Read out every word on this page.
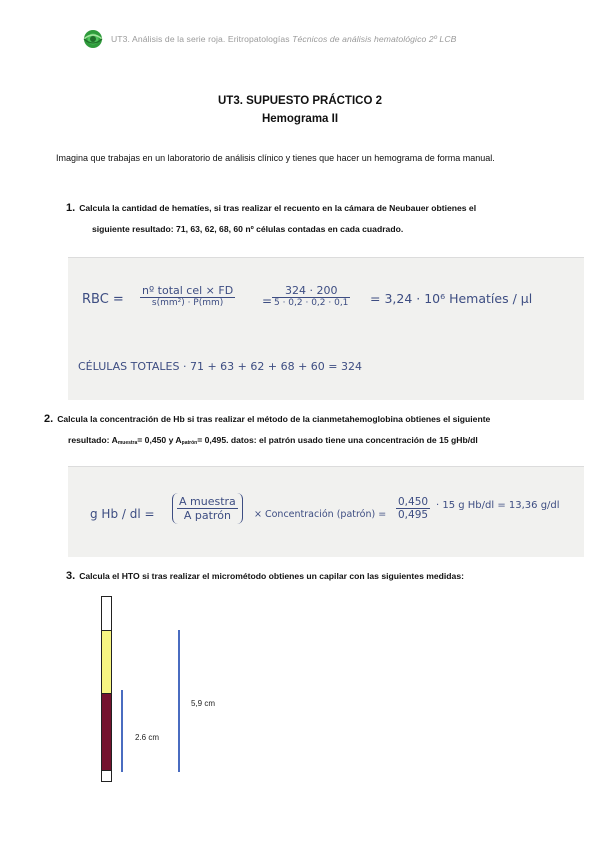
UT3. Análisis de la serie roja. Eritropatologías Técnicos de análisis hematológico 2º LCB
UT3. SUPUESTO PRÁCTICO 2
Hemograma II
Imagina que trabajas en un laboratorio de análisis clínico y tienes que hacer un hemograma de forma manual.
1. Calcula la cantidad de hematíes, si tras realizar el recuento en la cámara de Neubauer obtienes el
siguiente resultado: 71, 63, 62, 68, 60 nº células contadas en cada cuadrado.
RBC = $\frac{\text{nº total cel × FD}}{\text{s(mm²) · P(mm)}} = \frac{324 \cdot 200}{5 \cdot 0,2 \cdot 0,2 \cdot 0,1} = 3,24 \cdot 10^6$ Hematíes / µl
CÉLULAS TOTALES · 71 + 63 + 62 + 68 + 60 = 324
2. Calcula la concentración de Hb si tras realizar el método de la cianmetahemoglobina obtienes el siguiente
resultado: $A_{muestra}= 0,450$ y $A_{patrón}= 0,495$. datos: el patrón usado tiene una concentración de 15 gHb/dl
g Hb / dl = $\frac{\text{A muestra}}{\text{A patrón}}$ × Concentración (patrón) = $\frac{0,450}{0,495} \cdot 15$ g Hb/dl = 13,36 g/dl
3. Calcula el HTO si tras realizar el micrométodo obtienes un capilar con las siguientes medidas:
5,9 cm
2.6 cm
